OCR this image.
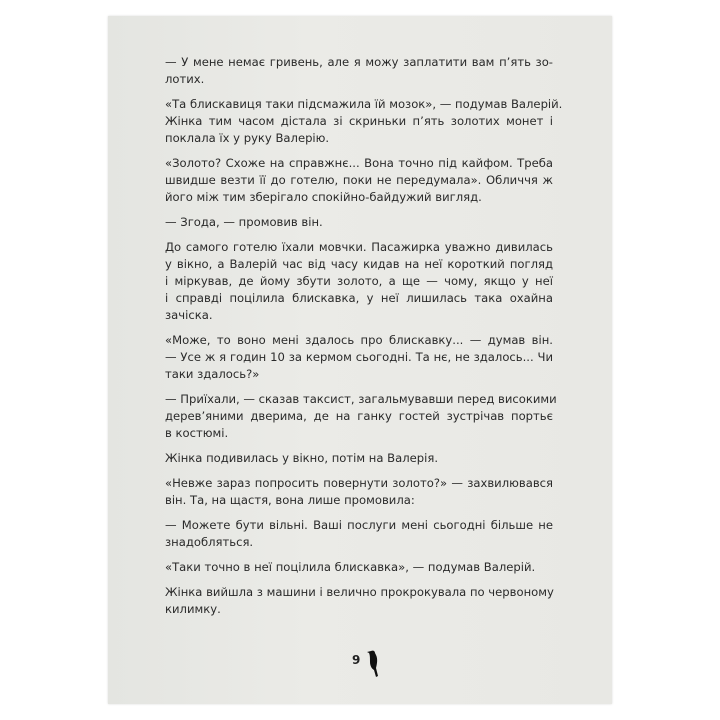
— У мене немає гривень, але я можу заплатити вам п’ять зо-
лотих.
«Та блискавиця таки підсмажила їй мозок», — подумав Валерій.
Жінка тим часом дістала зі скриньки п’ять золотих монет і
поклала їх у руку Валерію.
«Золото? Схоже на справжнє... Вона точно під кайфом. Треба
швидше везти її до готелю, поки не передумала». Обличчя ж
його між тим зберігало спокійно-байдужий вигляд.
— Згода, — промовив він.
До самого готелю їхали мовчки. Пасажирка уважно дивилась
у вікно, а Валерій час від часу кидав на неї короткий погляд
і міркував, де йому збути золото, а ще — чому, якщо у неї
і справді поцілила блискавка, у неї лишилась така охайна
зачіска.
«Може, то воно мені здалось про блискавку... — думав він.
— Усе ж я годин 10 за кермом сьогодні. Та нє, не здалось... Чи
таки здалось?»
— Приїхали, — сказав таксист, загальмувавши перед високими
дерев’яними дверима, де на ганку гостей зустрічав портьє
в костюмі.
Жінка подивилась у вікно, потім на Валерія.
«Невже зараз попросить повернути золото?» — захвилювався
він. Та, на щастя, вона лише промовила:
— Можете бути вільні. Ваші послуги мені сьогодні більше не
знадобляться.
«Таки точно в неї поцілила блискавка», — подумав Валерій.
Жінка вийшла з машини і велично прокрокувала по червоному
килимку.
9
